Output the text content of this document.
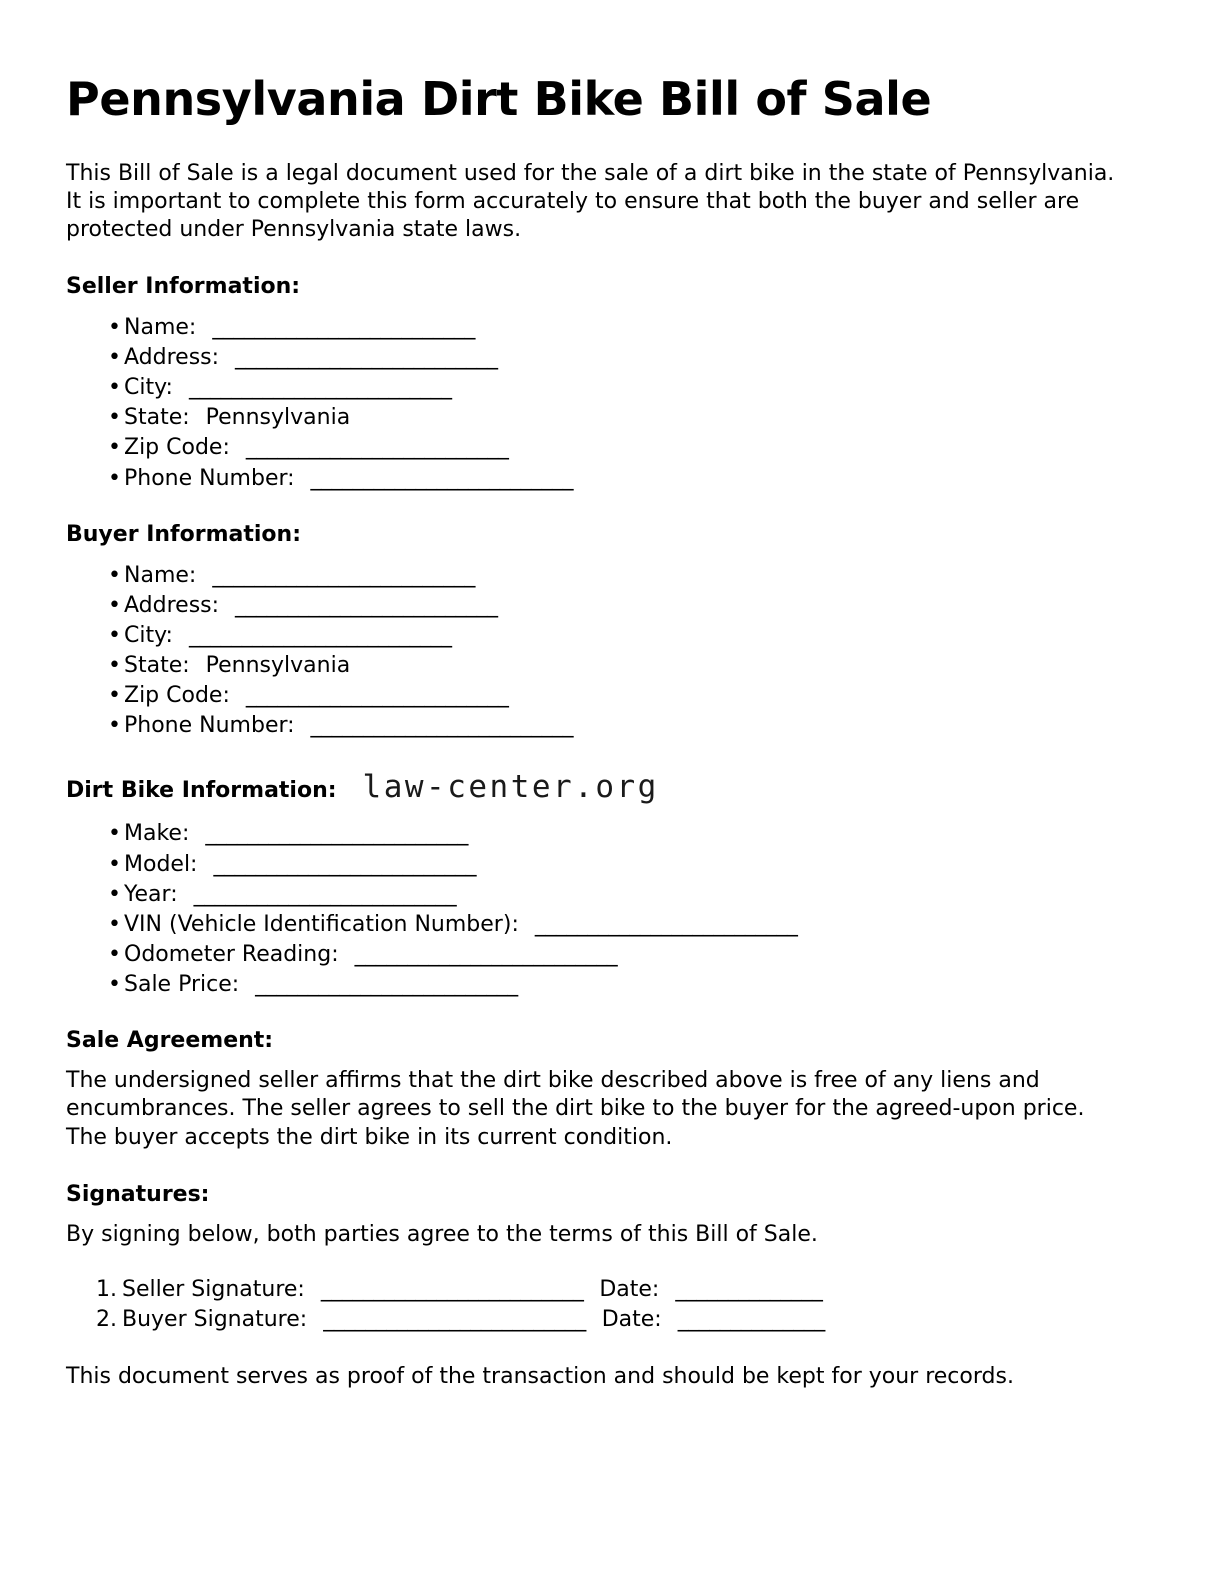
Pennsylvania Dirt Bike Bill of Sale

This Bill of Sale is a legal document used for the sale of a dirt bike in the state of Pennsylvania. It is important to complete this form accurately to ensure that both the buyer and seller are protected under Pennsylvania state laws.

Seller Information:
• Name: _________________________
• Address: _________________________
• City: _________________________
• State: Pennsylvania
• Zip Code: _________________________
• Phone Number: _________________________
Buyer Information:
• Name: _________________________
• Address: _________________________
• City: _________________________
• State: Pennsylvania
• Zip Code: _________________________
• Phone Number: _________________________
Dirt Bike Information: law-center.org
• Make: _________________________
• Model: _________________________
• Year: _________________________
• VIN (Vehicle Identification Number): _________________________
• Odometer Reading: _________________________
• Sale Price: _________________________
Sale Agreement:

The undersigned seller affirms that the dirt bike described above is free of any liens and encumbrances. The seller agrees to sell the dirt bike to the buyer for the agreed-upon price. The buyer accepts the dirt bike in its current condition.

Signatures:

By signing below, both parties agree to the terms of this Bill of Sale.

Seller Signature: _________________________ Date: ______________
Buyer Signature: _________________________ Date: ______________

This document serves as proof of the transaction and should be kept for your records.
